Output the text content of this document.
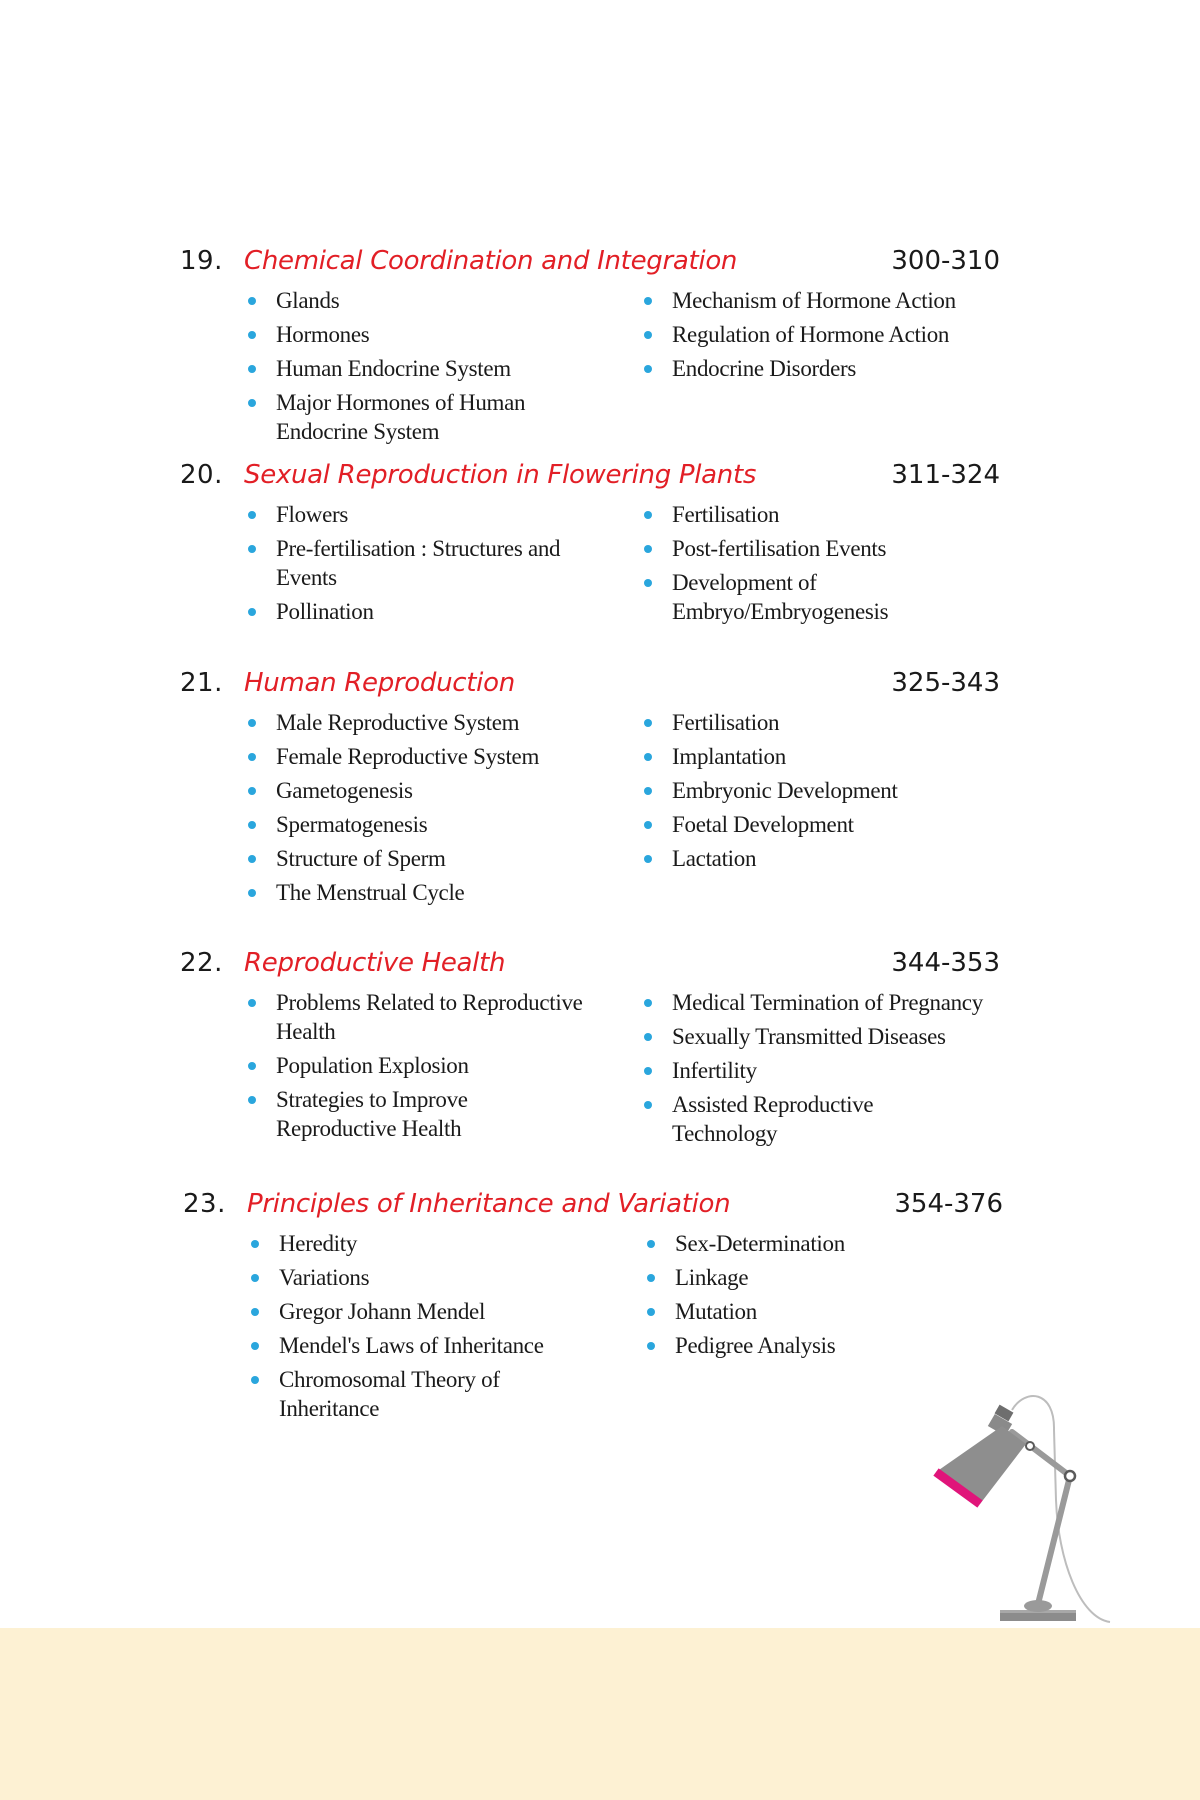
19. Chemical Coordination and Integration	300-310
Glands
Hormones
Human Endocrine System
Major Hormones of Human Endocrine System
Mechanism of Hormone Action
Regulation of Hormone Action
Endocrine Disorders
20. Sexual Reproduction in Flowering Plants	311-324
Flowers
Pre-fertilisation : Structures and Events
Pollination
Fertilisation
Post-fertilisation Events
Development of Embryo/Embryogenesis
21. Human Reproduction	325-343
Male Reproductive System
Female Reproductive System
Gametogenesis
Spermatogenesis
Structure of Sperm
The Menstrual Cycle
Fertilisation
Implantation
Embryonic Development
Foetal Development
Lactation
22. Reproductive Health	344-353
Problems Related to Reproductive Health
Population Explosion
Strategies to Improve Reproductive Health
Medical Termination of Pregnancy
Sexually Transmitted Diseases
Infertility
Assisted Reproductive Technology
23. Principles of Inheritance and Variation	354-376
Heredity
Variations
Gregor Johann Mendel
Mendel's Laws of Inheritance
Chromosomal Theory of Inheritance
Sex-Determination
Linkage
Mutation
Pedigree Analysis
